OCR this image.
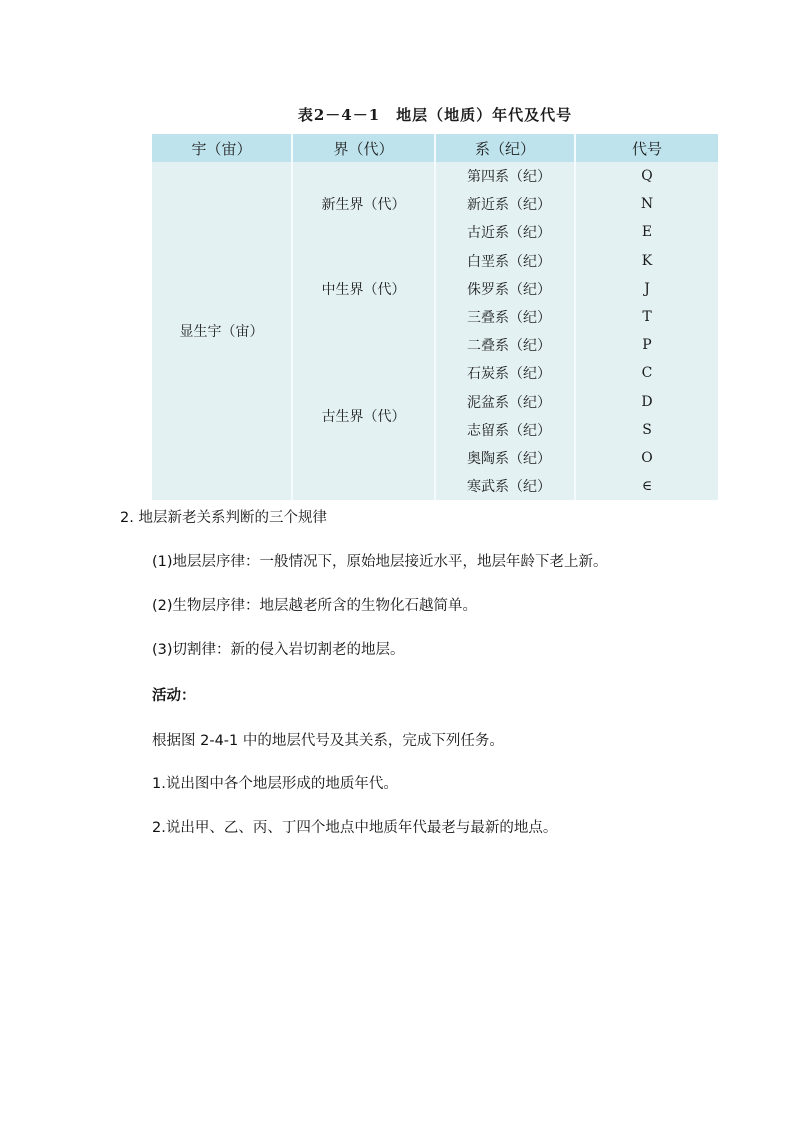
表2－4－1　地层（地质）年代及代号
宇（宙）	界（代）	系（纪）	代号
显生宇（宙）	新生界（代）	第四系（纪）	Q
		新近系（纪）	N
		古近系（纪）	E
	中生界（代）	白垩系（纪）	K
		侏罗系（纪）	J
		三叠系（纪）	T
	古生界（代）	二叠系（纪）	P
		石炭系（纪）	C
		泥盆系（纪）	D
		志留系（纪）	S
		奥陶系（纪）	O
		寒武系（纪）	∈
2. 地层新老关系判断的三个规律
(1)地层层序律：一般情况下，原始地层接近水平，地层年龄下老上新。
(2)生物层序律：地层越老所含的生物化石越简单。
(3)切割律：新的侵入岩切割老的地层。
活动：
根据图 2-4-1 中的地层代号及其关系，完成下列任务。
1.说出图中各个地层形成的地质年代。
2.说出甲、乙、丙、丁四个地点中地质年代最老与最新的地点。
